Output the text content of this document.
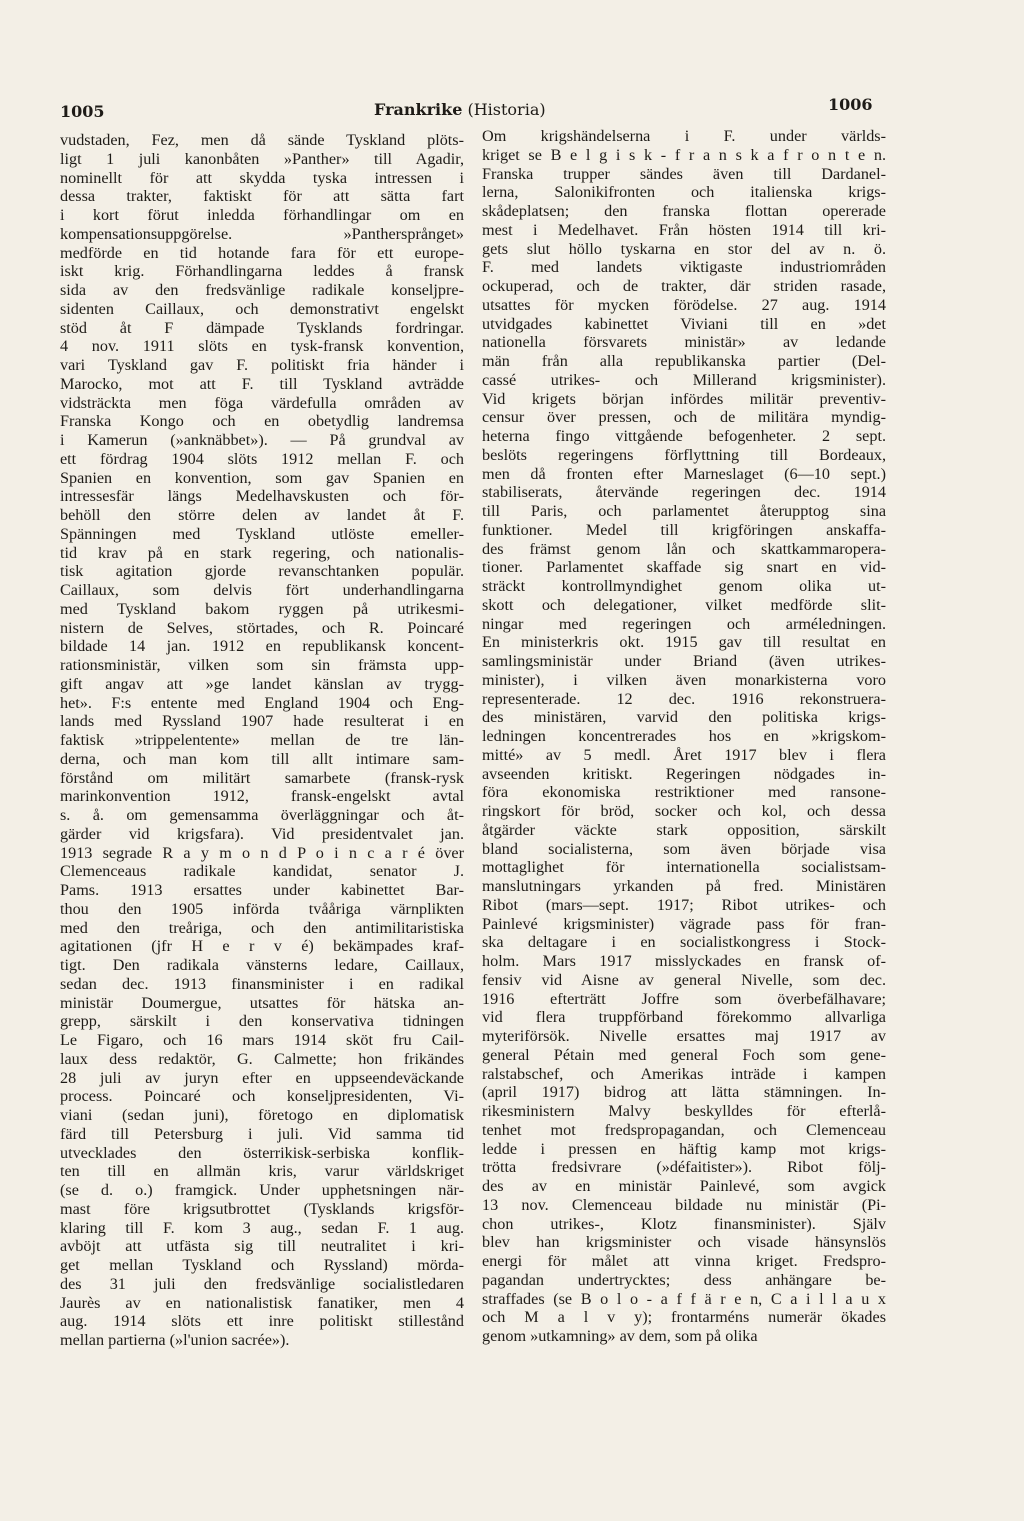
1005	Frankrike (Historia)	1006
vudstaden, Fez, men då sände Tyskland plöts-
ligt 1 juli kanonbåten »Panther» till Agadir,
nominellt för att skydda tyska intressen i
dessa trakter, faktiskt för att sätta fart
i kort förut inledda förhandlingar om en
kompensationsuppgörelse. »Panthersprånget»
medförde en tid hotande fara för ett europe-
iskt krig. Förhandlingarna leddes å fransk
sida av den fredsvänlige radikale konseljpre-
sidenten Caillaux, och demonstrativt engelskt
stöd åt F dämpade Tysklands fordringar.
4 nov. 1911 slöts en tysk-fransk konvention,
vari Tyskland gav F. politiskt fria händer i
Marocko, mot att F. till Tyskland avträdde
vidsträckta men föga värdefulla områden av
Franska Kongo och en obetydlig landremsa
i Kamerun (»anknäbbet»). — På grundval av
ett fördrag 1904 slöts 1912 mellan F. och
Spanien en konvention, som gav Spanien en
intressesfär längs Medelhavskusten och för-
behöll den större delen av landet åt F.
Spänningen med Tyskland utlöste emeller-
tid krav på en stark regering, och nationalis-
tisk agitation gjorde revanschtanken populär.
Caillaux, som delvis fört underhandlingarna
med Tyskland bakom ryggen på utrikesmi-
nistern de Selves, störtades, och R. Poincaré
bildade 14 jan. 1912 en republikansk koncent-
rationsministär, vilken som sin främsta upp-
gift angav att »ge landet känslan av trygg-
het». F:s entente med England 1904 och Eng-
lands med Ryssland 1907 hade resulterat i en
faktisk »trippelentente» mellan de tre län-
derna, och man kom till allt intimare sam-
förstånd om militärt samarbete (fransk-rysk
marinkonvention 1912, fransk-engelskt avtal
s. å. om gemensamma överläggningar och åt-
gärder vid krigsfara). Vid presidentvalet jan.
1913 segrade R a y m o n d P o i n c a r é över
Clemenceaus radikale kandidat, senator J.
Pams. 1913 ersattes under kabinettet Bar-
thou den 1905 införda tvååriga värnplikten
med den treåriga, och den antimilitaristiska
agitationen (jfr H e r v é) bekämpades kraf-
tigt. Den radikala vänsterns ledare, Caillaux,
sedan dec. 1913 finansminister i en radikal
ministär Doumergue, utsattes för hätska an-
grepp, särskilt i den konservativa tidningen
Le Figaro, och 16 mars 1914 sköt fru Cail-
laux dess redaktör, G. Calmette; hon frikändes
28 juli av juryn efter en uppseendeväckande
process. Poincaré och konseljpresidenten, Vi-
viani (sedan juni), företogo en diplomatisk
färd till Petersburg i juli. Vid samma tid
utvecklades den österrikisk-serbiska konflik-
ten till en allmän kris, varur världskriget
(se d. o.) framgick. Under upphetsningen när-
mast före krigsutbrottet (Tysklands krigsför-
klaring till F. kom 3 aug., sedan F. 1 aug.
avböjt att utfästa sig till neutralitet i kri-
get mellan Tyskland och Ryssland) mörda-
des 31 juli den fredsvänlige socialistledaren
Jaurès av en nationalistisk fanatiker, men 4
aug. 1914 slöts ett inre politiskt stillestånd
mellan partierna (»l'union sacrée»).
Om krigshändelserna i F. under världs-
kriget se B e l g i s k - f r a n s k a f r o n t e n.
Franska trupper sändes även till Dardanel-
lerna, Salonikifronten och italienska krigs-
skådeplatsen; den franska flottan opererade
mest i Medelhavet. Från hösten 1914 till kri-
gets slut höllo tyskarna en stor del av n. ö.
F. med landets viktigaste industriområden
ockuperad, och de trakter, där striden rasade,
utsattes för mycken förödelse. 27 aug. 1914
utvidgades kabinettet Viviani till en »det
nationella försvarets ministär» av ledande
män från alla republikanska partier (Del-
cassé utrikes- och Millerand krigsminister).
Vid krigets början infördes militär preventiv-
censur över pressen, och de militära myndig-
heterna fingo vittgående befogenheter. 2 sept.
beslöts regeringens förflyttning till Bordeaux,
men då fronten efter Marneslaget (6—10 sept.)
stabiliserats, återvände regeringen dec. 1914
till Paris, och parlamentet återupptog sina
funktioner. Medel till krigföringen anskaffa-
des främst genom lån och skattkammaropera-
tioner. Parlamentet skaffade sig snart en vid-
sträckt kontrollmyndighet genom olika ut-
skott och delegationer, vilket medförde slit-
ningar med regeringen och arméledningen.
En ministerkris okt. 1915 gav till resultat en
samlingsministär under Briand (även utrikes-
minister), i vilken även monarkisterna voro
representerade. 12 dec. 1916 rekonstruera-
des ministären, varvid den politiska krigs-
ledningen koncentrerades hos en »krigskom-
mitté» av 5 medl. Året 1917 blev i flera
avseenden kritiskt. Regeringen nödgades in-
föra ekonomiska restriktioner med ransone-
ringskort för bröd, socker och kol, och dessa
åtgärder väckte stark opposition, särskilt
bland socialisterna, som även började visa
mottaglighet för internationella socialistsam-
manslutningars yrkanden på fred. Ministären
Ribot (mars—sept. 1917; Ribot utrikes- och
Painlevé krigsminister) vägrade pass för fran-
ska deltagare i en socialistkongress i Stock-
holm. Mars 1917 misslyckades en fransk of-
fensiv vid Aisne av general Nivelle, som dec.
1916 efterträtt Joffre som överbefälhavare;
vid flera truppförband förekommo allvarliga
myteriförsök. Nivelle ersattes maj 1917 av
general Pétain med general Foch som gene-
ralstabschef, och Amerikas inträde i kampen
(april 1917) bidrog att lätta stämningen. In-
rikesministern Malvy beskylldes för efterlå-
tenhet mot fredspropagandan, och Clemenceau
ledde i pressen en häftig kamp mot krigs-
trötta fredsivrare (»défaitister»). Ribot följ-
des av en ministär Painlevé, som avgick
13 nov. Clemenceau bildade nu ministär (Pi-
chon utrikes-, Klotz finansminister). Själv
blev han krigsminister och visade hänsynslös
energi för målet att vinna kriget. Fredspro-
pagandan undertrycktes; dess anhängare be-
straffades (se B o l o - a f f ä r e n, C a i l l a u x
och M a l v y); frontarméns numerär ökades
genom »utkamning» av dem, som på olika
